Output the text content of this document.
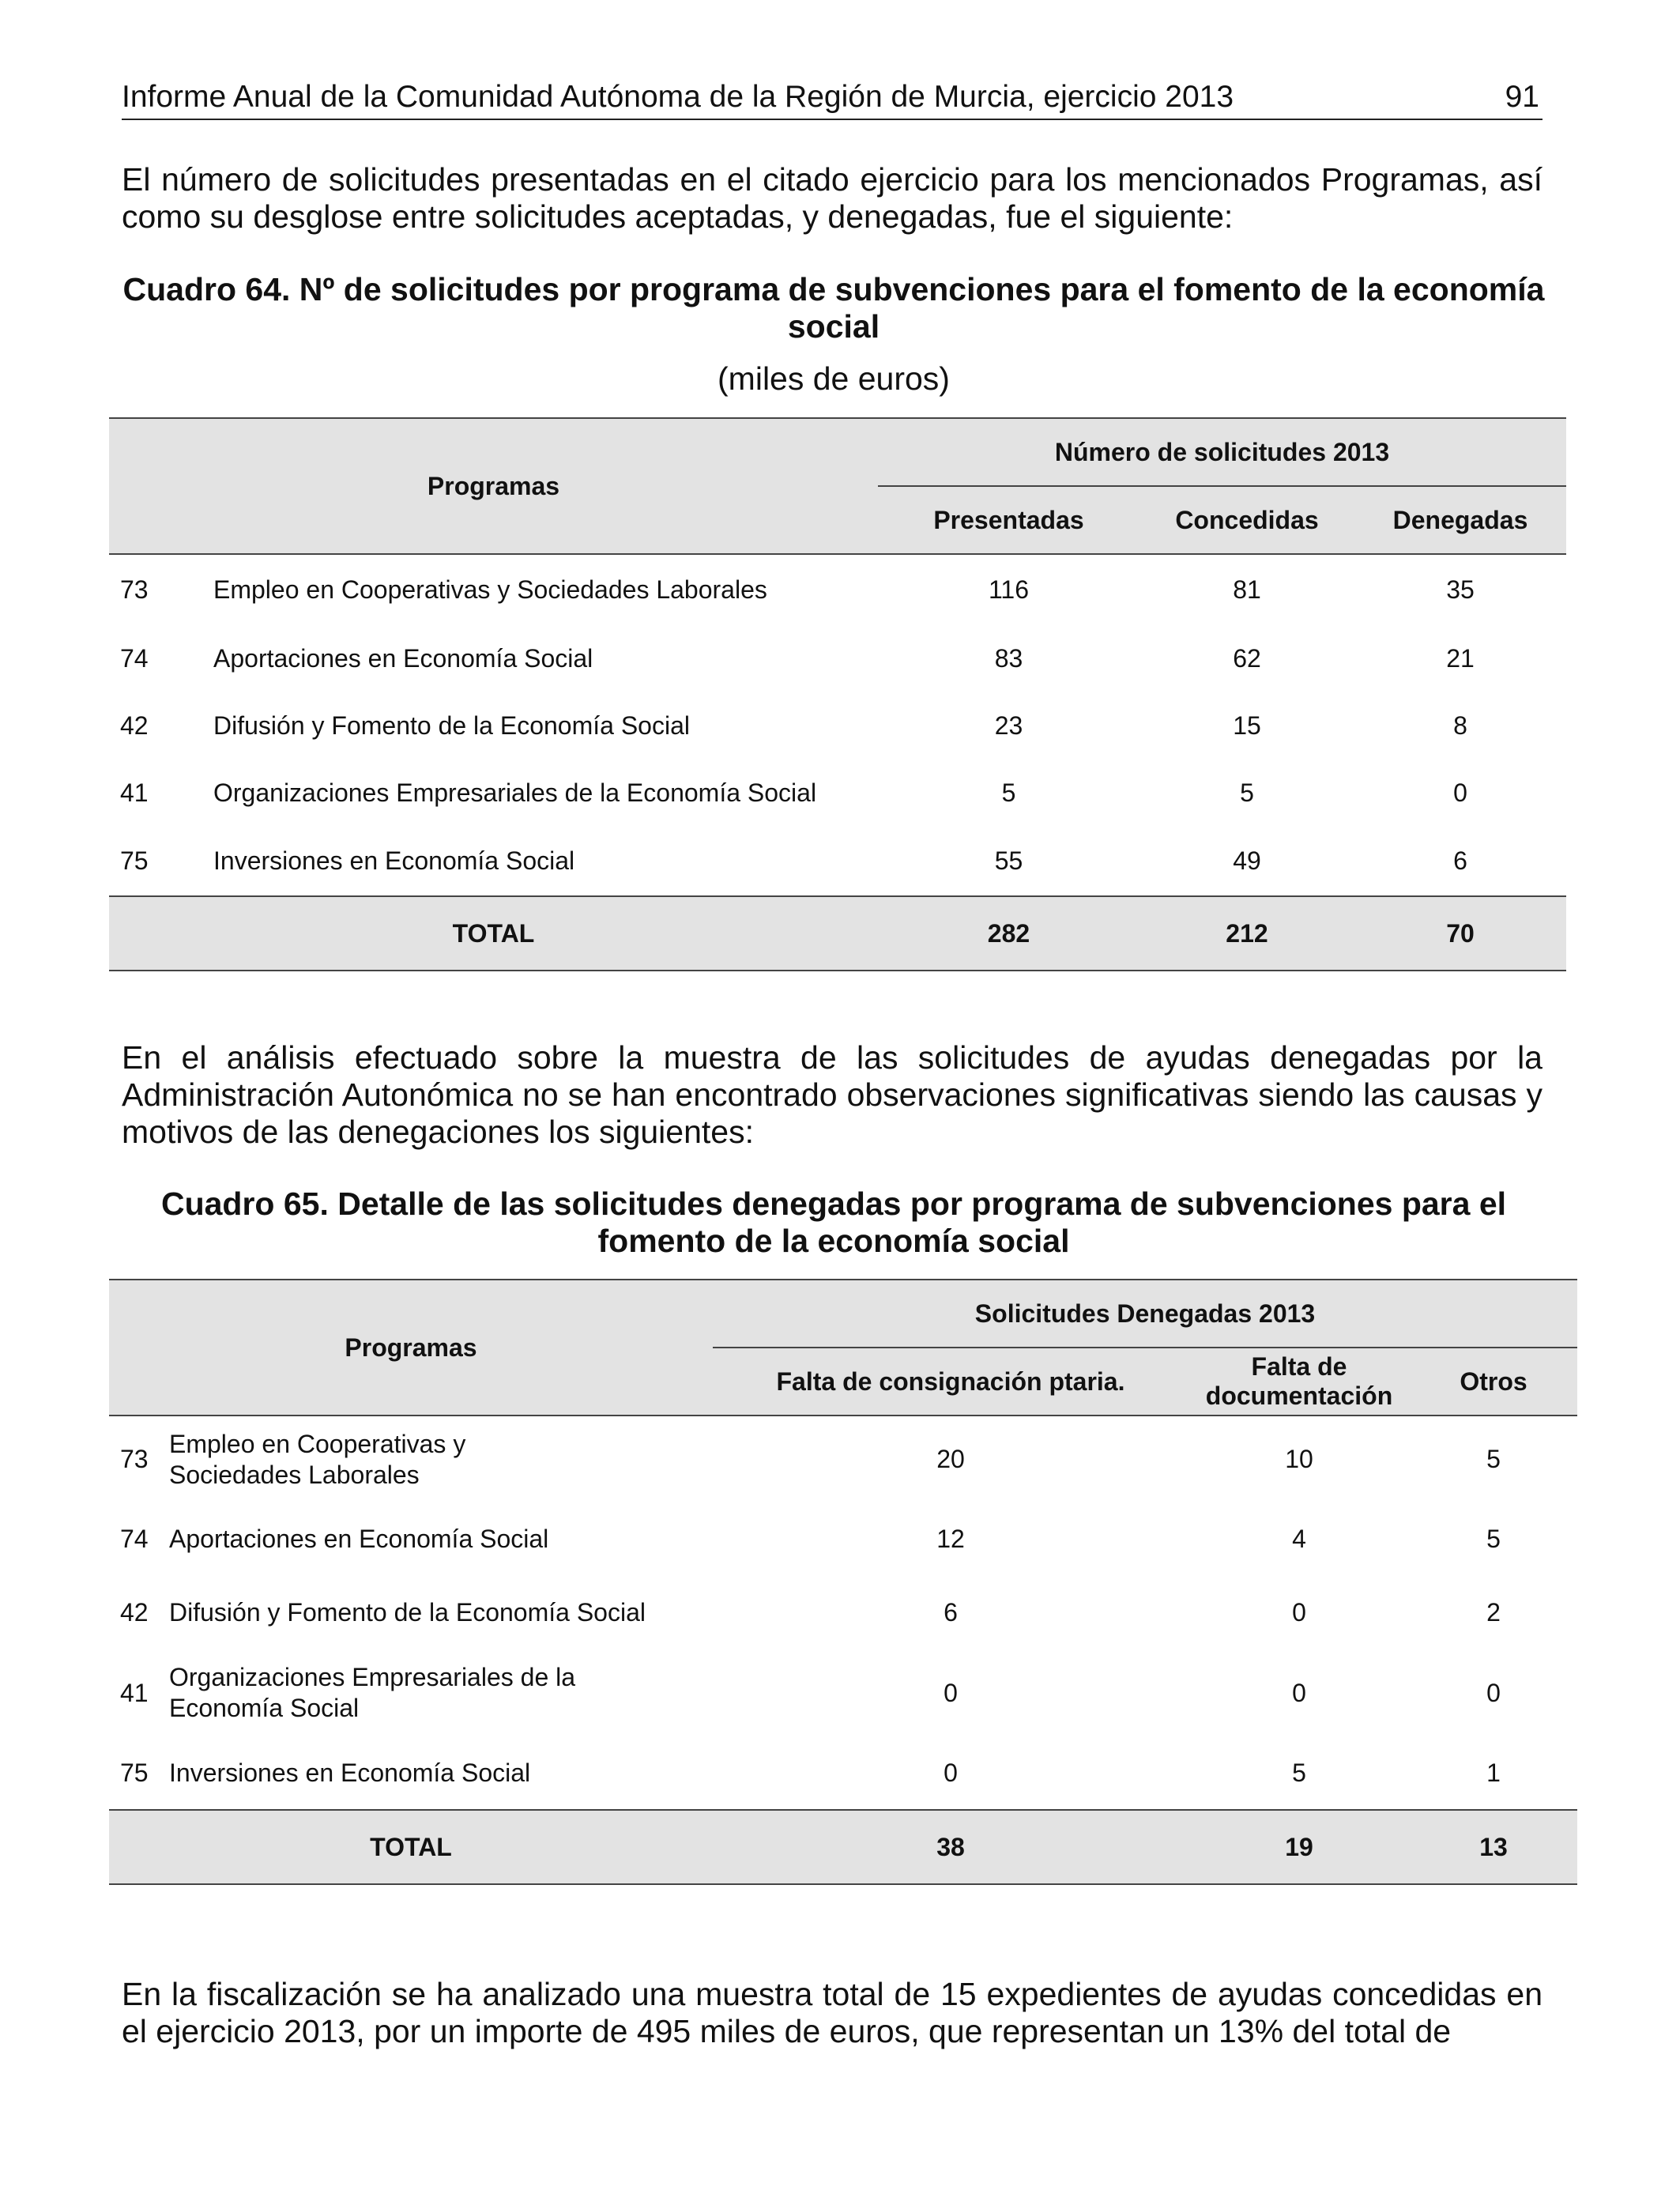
Informe Anual de la Comunidad Autónoma de la Región de Murcia, ejercicio 2013	91

El número de solicitudes presentadas en el citado ejercicio para los mencionados Programas, así como su desglose entre solicitudes aceptadas, y denegadas, fue el siguiente:

Cuadro 64. Nº de solicitudes por programa de subvenciones para el fomento de la economía social

(miles de euros)
Programas		Número de solicitudes 2013		
		Presentadas	Concedidas	Denegadas
73	Empleo en Cooperativas y Sociedades Laborales	116	81	35
74	Aportaciones en Economía Social	83	62	21
42	Difusión y Fomento de la Economía Social	23	15	8
41	Organizaciones Empresariales de la Economía Social	5	5	0
75	Inversiones en Economía Social	55	49	6
TOTAL		282	212	70

En el análisis efectuado sobre la muestra de las solicitudes de ayudas denegadas por la Administración Autonómica no se han encontrado observaciones significativas siendo las causas y motivos de las denegaciones los siguientes:

Cuadro 65. Detalle de las solicitudes denegadas por programa de subvenciones para el fomento de la economía social

Programas		Solicitudes Denegadas 2013		
		Falta de consignación ptaria.	Falta de documentación	Otros
73	Empleo en Cooperativas y Sociedades Laborales	20	10	5
74	Aportaciones en Economía Social	12	4	5
42	Difusión y Fomento de la Economía Social	6	0	2
41	Organizaciones Empresariales de la Economía Social	0	0	0
75	Inversiones en Economía Social	0	5	1
TOTAL		38	19	13

En la fiscalización se ha analizado una muestra total de 15 expedientes de ayudas concedidas en el ejercicio 2013, por un importe de 495 miles de euros, que representan un 13% del total de
